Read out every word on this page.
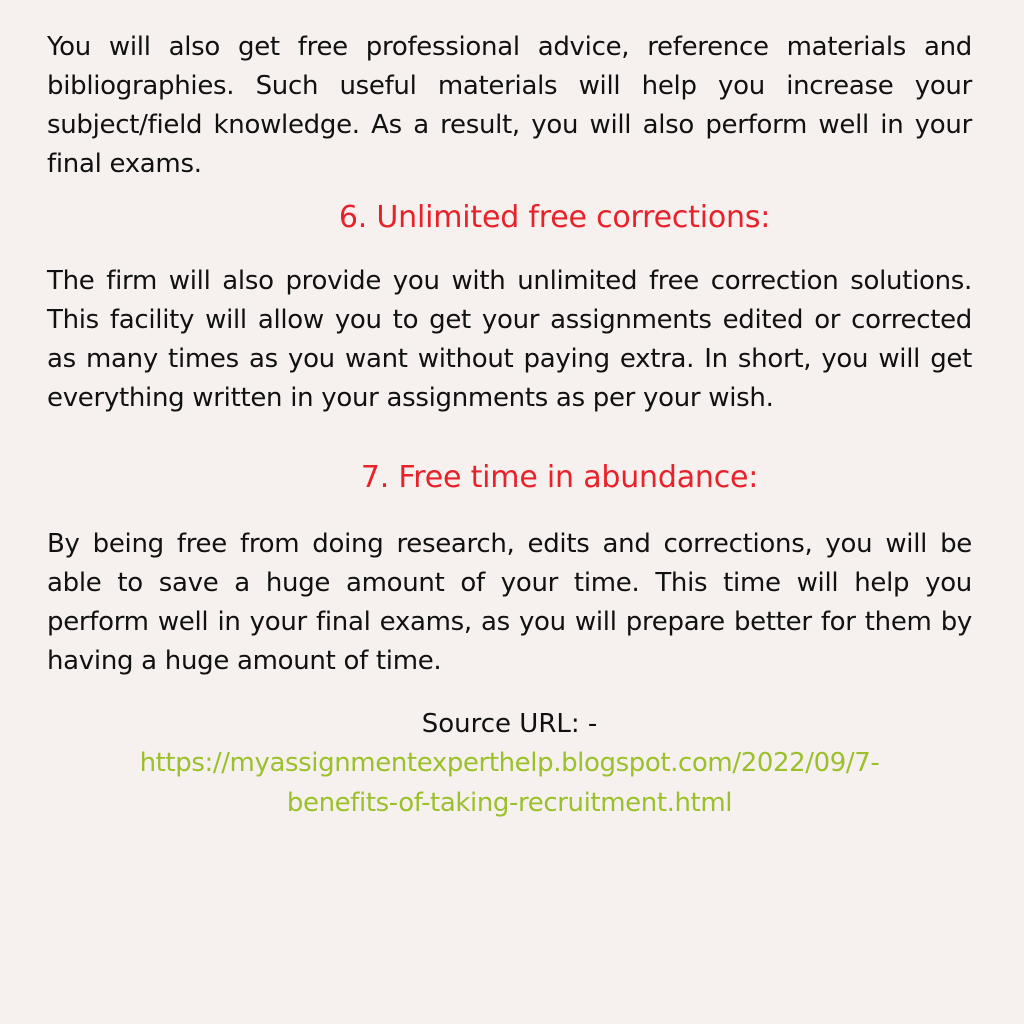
You will also get free professional advice, reference materials and bibliographies. Such useful materials will help you increase your subject/field knowledge. As a result, you will also perform well in your final exams.

6. Unlimited free corrections:

The firm will also provide you with unlimited free correction solutions. This facility will allow you to get your assignments edited or corrected as many times as you want without paying extra. In short, you will get everything written in your assignments as per your wish.

7. Free time in abundance:

By being free from doing research, edits and corrections, you will be able to save a huge amount of your time. This time will help you perform well in your final exams, as you will prepare better for them by having a huge amount of time.

Source URL: -
https://myassignmentexperthelp.blogspot.com/2022/09/7-benefits-of-taking-recruitment.html
